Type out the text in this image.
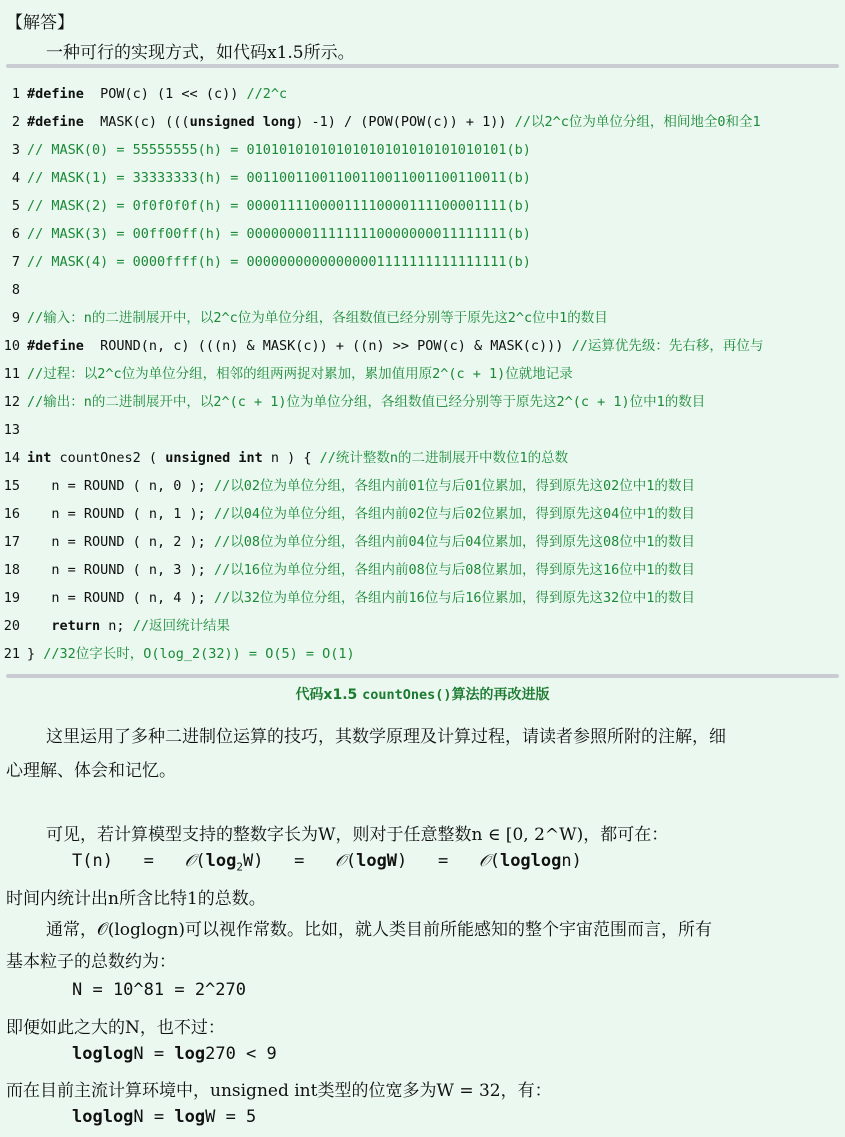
【解答】
一种可行的实现方式，如代码x1.5所示。
1 #define  POW(c) (1 << (c)) //2^c
2 #define  MASK(c) (((unsigned long) -1) / (POW(POW(c)) + 1)) //以2^c位为单位分组，相间地全0和全1
3 // MASK(0) = 55555555(h) = 01010101010101010101010101010101(b)
4 // MASK(1) = 33333333(h) = 00110011001100110011001100110011(b)
5 // MASK(2) = 0f0f0f0f(h) = 00001111000011110000111100001111(b)
6 // MASK(3) = 00ff00ff(h) = 00000000111111110000000011111111(b)
7 // MASK(4) = 0000ffff(h) = 00000000000000001111111111111111(b)
8
9 //输入：n的二进制展开中，以2^c位为单位分组，各组数值已经分别等于原先这2^c位中1的数目
10 #define  ROUND(n, c) (((n) & MASK(c)) + ((n) >> POW(c) & MASK(c))) //运算优先级：先右移，再位与
11 //过程：以2^c位为单位分组，相邻的组两两捉对累加，累加值用原2^(c + 1)位就地记录
12 //输出：n的二进制展开中，以2^(c + 1)位为单位分组，各组数值已经分别等于原先这2^(c + 1)位中1的数目
13
14 int countOnes2 ( unsigned int n ) { //统计整数n的二进制展开中数位1的总数
15 n = ROUND ( n, 0 ); //以02位为单位分组，各组内前01位与后01位累加，得到原先这02位中1的数目
16 n = ROUND ( n, 1 ); //以04位为单位分组，各组内前02位与后02位累加，得到原先这04位中1的数目
17 n = ROUND ( n, 2 ); //以08位为单位分组，各组内前04位与后04位累加，得到原先这08位中1的数目
18 n = ROUND ( n, 3 ); //以16位为单位分组，各组内前08位与后08位累加，得到原先这16位中1的数目
19 n = ROUND ( n, 4 ); //以32位为单位分组，各组内前16位与后16位累加，得到原先这32位中1的数目
20	return n; //返回统计结果
21 } //32位字长时，O(log_2(32)) = O(5) = O(1)
代码x1.5 countOnes()算法的再改进版
这里运用了多种二进制位运算的技巧，其数学原理及计算过程，请读者参照所附的注解，细
心理解、体会和记忆。
可见，若计算模型支持的整数字长为W，则对于任意整数n ∈ [0, 2^W)，都可在：
$T(n) = 𝒪(\log_2W)$ = 𝒪(logW) = 𝒪(loglogn)
时间内统计出n所含比特1的总数。
通常，𝒪(loglogn)可以视作常数。比如，就人类目前所能感知的整个宇宙范围而言，所有
基本粒子的总数约为：
N = 10^81 = 2^270
即便如此之大的N，也不过：
loglogN = log270 < 9
而在目前主流计算环境中，unsigned int类型的位宽多为W = 32，有：
loglogN = logW = 5
